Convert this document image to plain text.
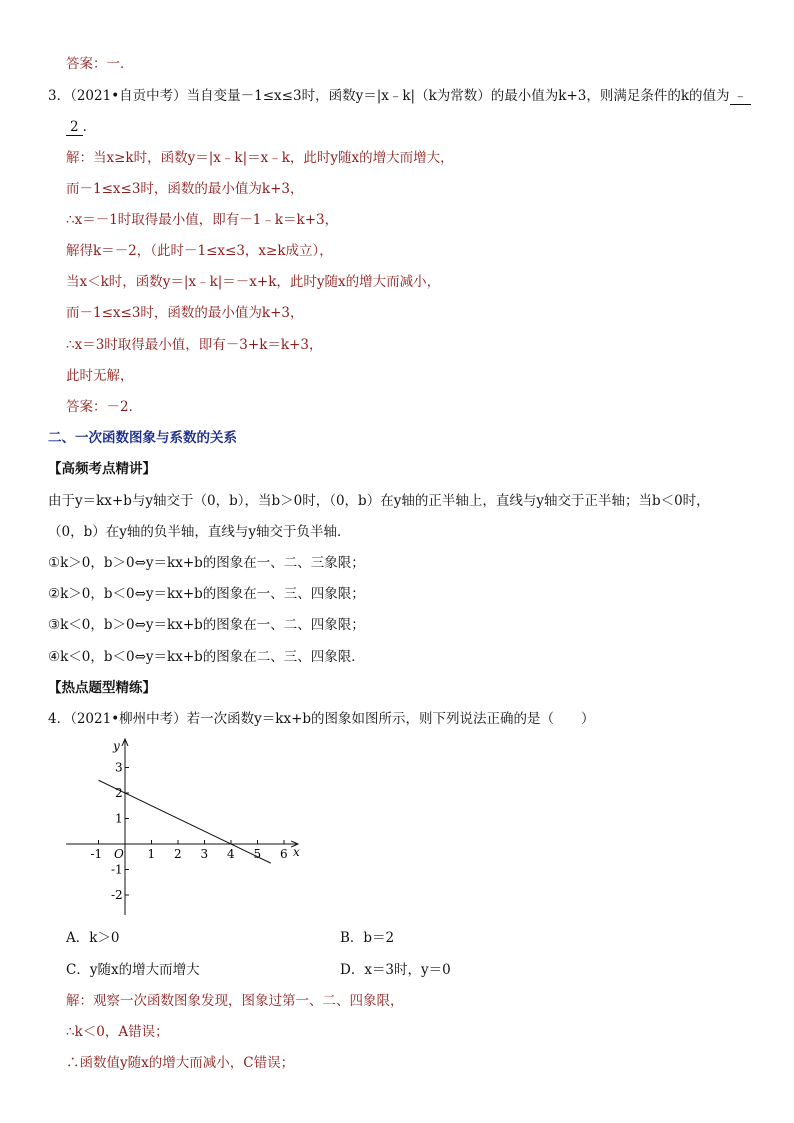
答案：一．
3．（2021•自贡中考）当自变量－1≤x≤3时，函数y＝|x﹣k|（k为常数）的最小值为k+3，则满足条件的k的值为 ﹣
2 ．
解：当x≥k时，函数y＝|x﹣k|＝x﹣k，此时y随x的增大而增大，
而－1≤x≤3时，函数的最小值为k+3，
∴x＝－1时取得最小值，即有－1﹣k＝k+3，
解得k＝－2，（此时－1≤x≤3，x≥k成立），
当x＜k时，函数y＝|x﹣k|＝－x+k，此时y随x的增大而减小，
而－1≤x≤3时，函数的最小值为k+3，
∴x＝3时取得最小值，即有－3+k＝k+3，
此时无解，
答案：－2．
二、一次函数图象与系数的关系
【高频考点精讲】
由于y＝kx+b与y轴交于（0，b），当b＞0时，（0，b）在y轴的正半轴上，直线与y轴交于正半轴；当b＜0时，
（0，b）在y轴的负半轴，直线与y轴交于负半轴．
①k＞0，b＞0⇔y＝kx+b的图象在一、二、三象限；
②k＞0，b＜0⇔y＝kx+b的图象在一、三、四象限；
③k＜0，b＞0⇔y＝kx+b的图象在一、二、四象限；
④k＜0，b＜0⇔y＝kx+b的图象在二、三、四象限．
【热点题型精练】
4．（2021•柳州中考）若一次函数y＝kx+b的图象如图所示，则下列说法正确的是（　　）
-1	1 2 3 4 5 6
3
2
1
-1
-2
x
y
O
A．k＞0	B．b＝2
C．y随x的增大而增大	D．x＝3时，y＝0
解：观察一次函数图象发现，图象过第一、二、四象限，
∴k＜0，A错误；
∴函数值y随x的增大而减小，C错误；
